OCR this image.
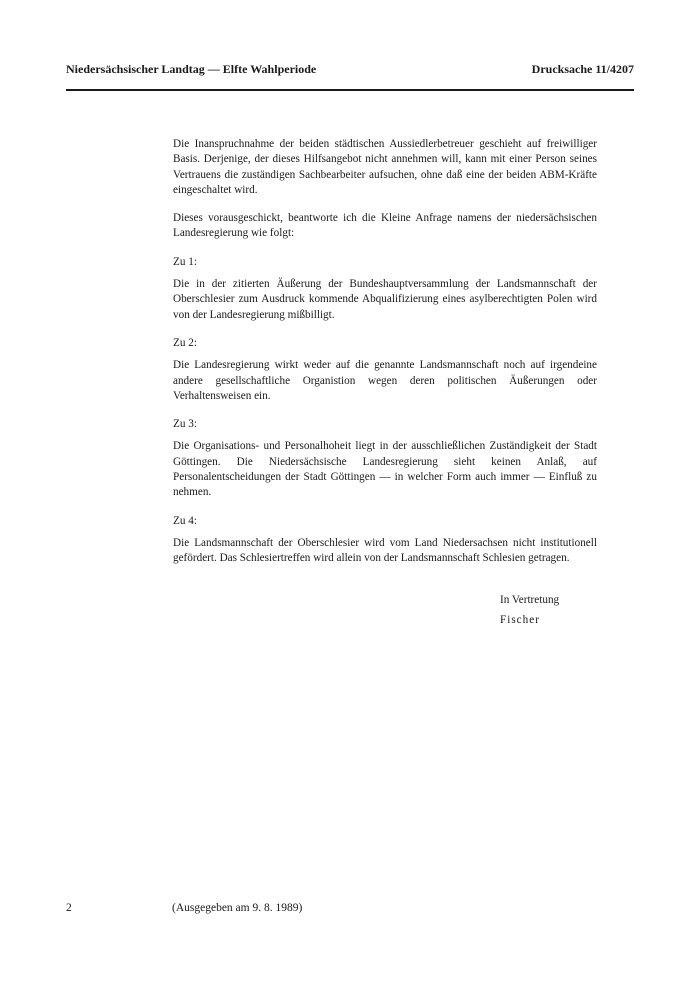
Niedersächsischer Landtag — Elfte Wahlperiode	Drucksache 11/4207

Die Inanspruchnahme der beiden städtischen Aussiedlerbetreuer geschieht auf freiwilliger Basis. Derjenige, der dieses Hilfsangebot nicht annehmen will, kann mit einer Person seines Vertrauens die zuständigen Sachbearbeiter aufsuchen, ohne daß eine der beiden ABM-Kräfte eingeschaltet wird.

Dieses vorausgeschickt, beantworte ich die Kleine Anfrage namens der niedersächsischen Landesregierung wie folgt:

Zu 1:

Die in der zitierten Äußerung der Bundeshauptversammlung der Landsmannschaft der Oberschlesier zum Ausdruck kommende Abqualifizierung eines asylberechtigten Polen wird von der Landesregierung mißbilligt.

Zu 2:

Die Landesregierung wirkt weder auf die genannte Landsmannschaft noch auf irgendeine andere gesellschaftliche Organistion wegen deren politischen Äußerungen oder Verhaltensweisen ein.

Zu 3:

Die Organisations- und Personalhoheit liegt in der ausschließlichen Zuständigkeit der Stadt Göttingen. Die Niedersächsische Landesregierung sieht keinen Anlaß, auf Personalentscheidungen der Stadt Göttingen — in welcher Form auch immer — Einfluß zu nehmen.

Zu 4:

Die Landsmannschaft der Oberschlesier wird vom Land Niedersachsen nicht institutionell gefördert. Das Schlesiertreffen wird allein von der Landsmannschaft Schlesien getragen.

In Vertretung
Fischer
2	(Ausgegeben am 9. 8. 1989)
